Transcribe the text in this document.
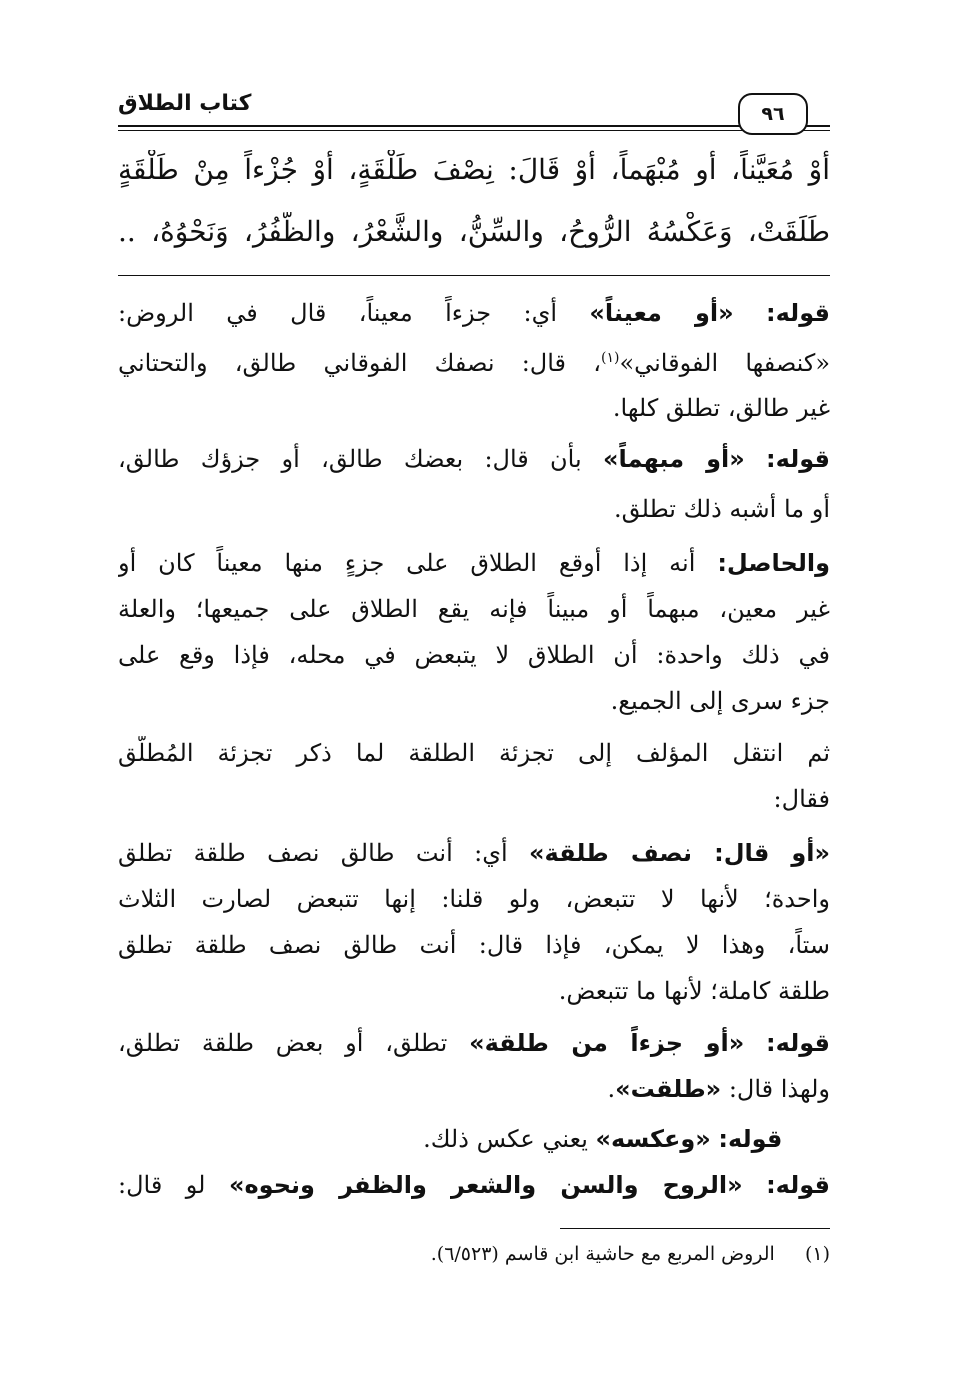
٩٦
كتاب الطلاق
أَوْ مُعَيَّناً، أَو مُبْهَماً، أَوْ قَالَ: نِصْفَ طَلْقَةٍ، أَوْ جُزْءاً مِنْ طَلْقَةٍ
طَلَقَتْ، وَعَكْسُهُ الرُّوحُ، والسِّنُّ، والشَّعْرُ، والظُّفُرُ، وَنَحْوُهُ، ..
قوله: «أو معيناً» أي: جزءاً معيناً، قال في الروض:
«كنصفها الفوقاني»$^{(١)}$، قال: نصفك الفوقاني طالق، والتحتاني
غير طالق، تطلق كلها.
قوله: «أو مبهماً» بأن قال: بعضك طالق، أو جزؤك طالق،
أو ما أشبه ذلك تطلق.
والحاصل: أنه إذا أوقع الطلاق على جزءٍ منها معيناً كان أو
غير معين، مبهماً أو مبيناً فإنه يقع الطلاق على جميعها؛ والعلة
في ذلك واحدة: أن الطلاق لا يتبعض في محله، فإذا وقع على
جزء سرى إلى الجميع.
ثم انتقل المؤلف إلى تجزئة الطلقة لما ذكر تجزئة المُطلَّق
فقال:
«أو قال: نصف طلقة» أي: أنت طالق نصف طلقة تطلق
واحدة؛ لأنها لا تتبعض، ولو قلنا: إنها تتبعض لصارت الثلاث
ستاً، وهذا لا يمكن، فإذا قال: أنت طالق نصف طلقة تطلق
طلقة كاملة؛ لأنها ما تتبعض.
قوله: «أو جزءاً من طلقة» تطلق، أو بعض طلقة تطلق،
ولهذا قال: «طلقت».
قوله: «وعكسه» يعني عكس ذلك.
قوله: «الروح والسن والشعر والظفر ونحوه» لو قال:
(١)  الروض المربع مع حاشية ابن قاسم (٦/٥٢٣).
